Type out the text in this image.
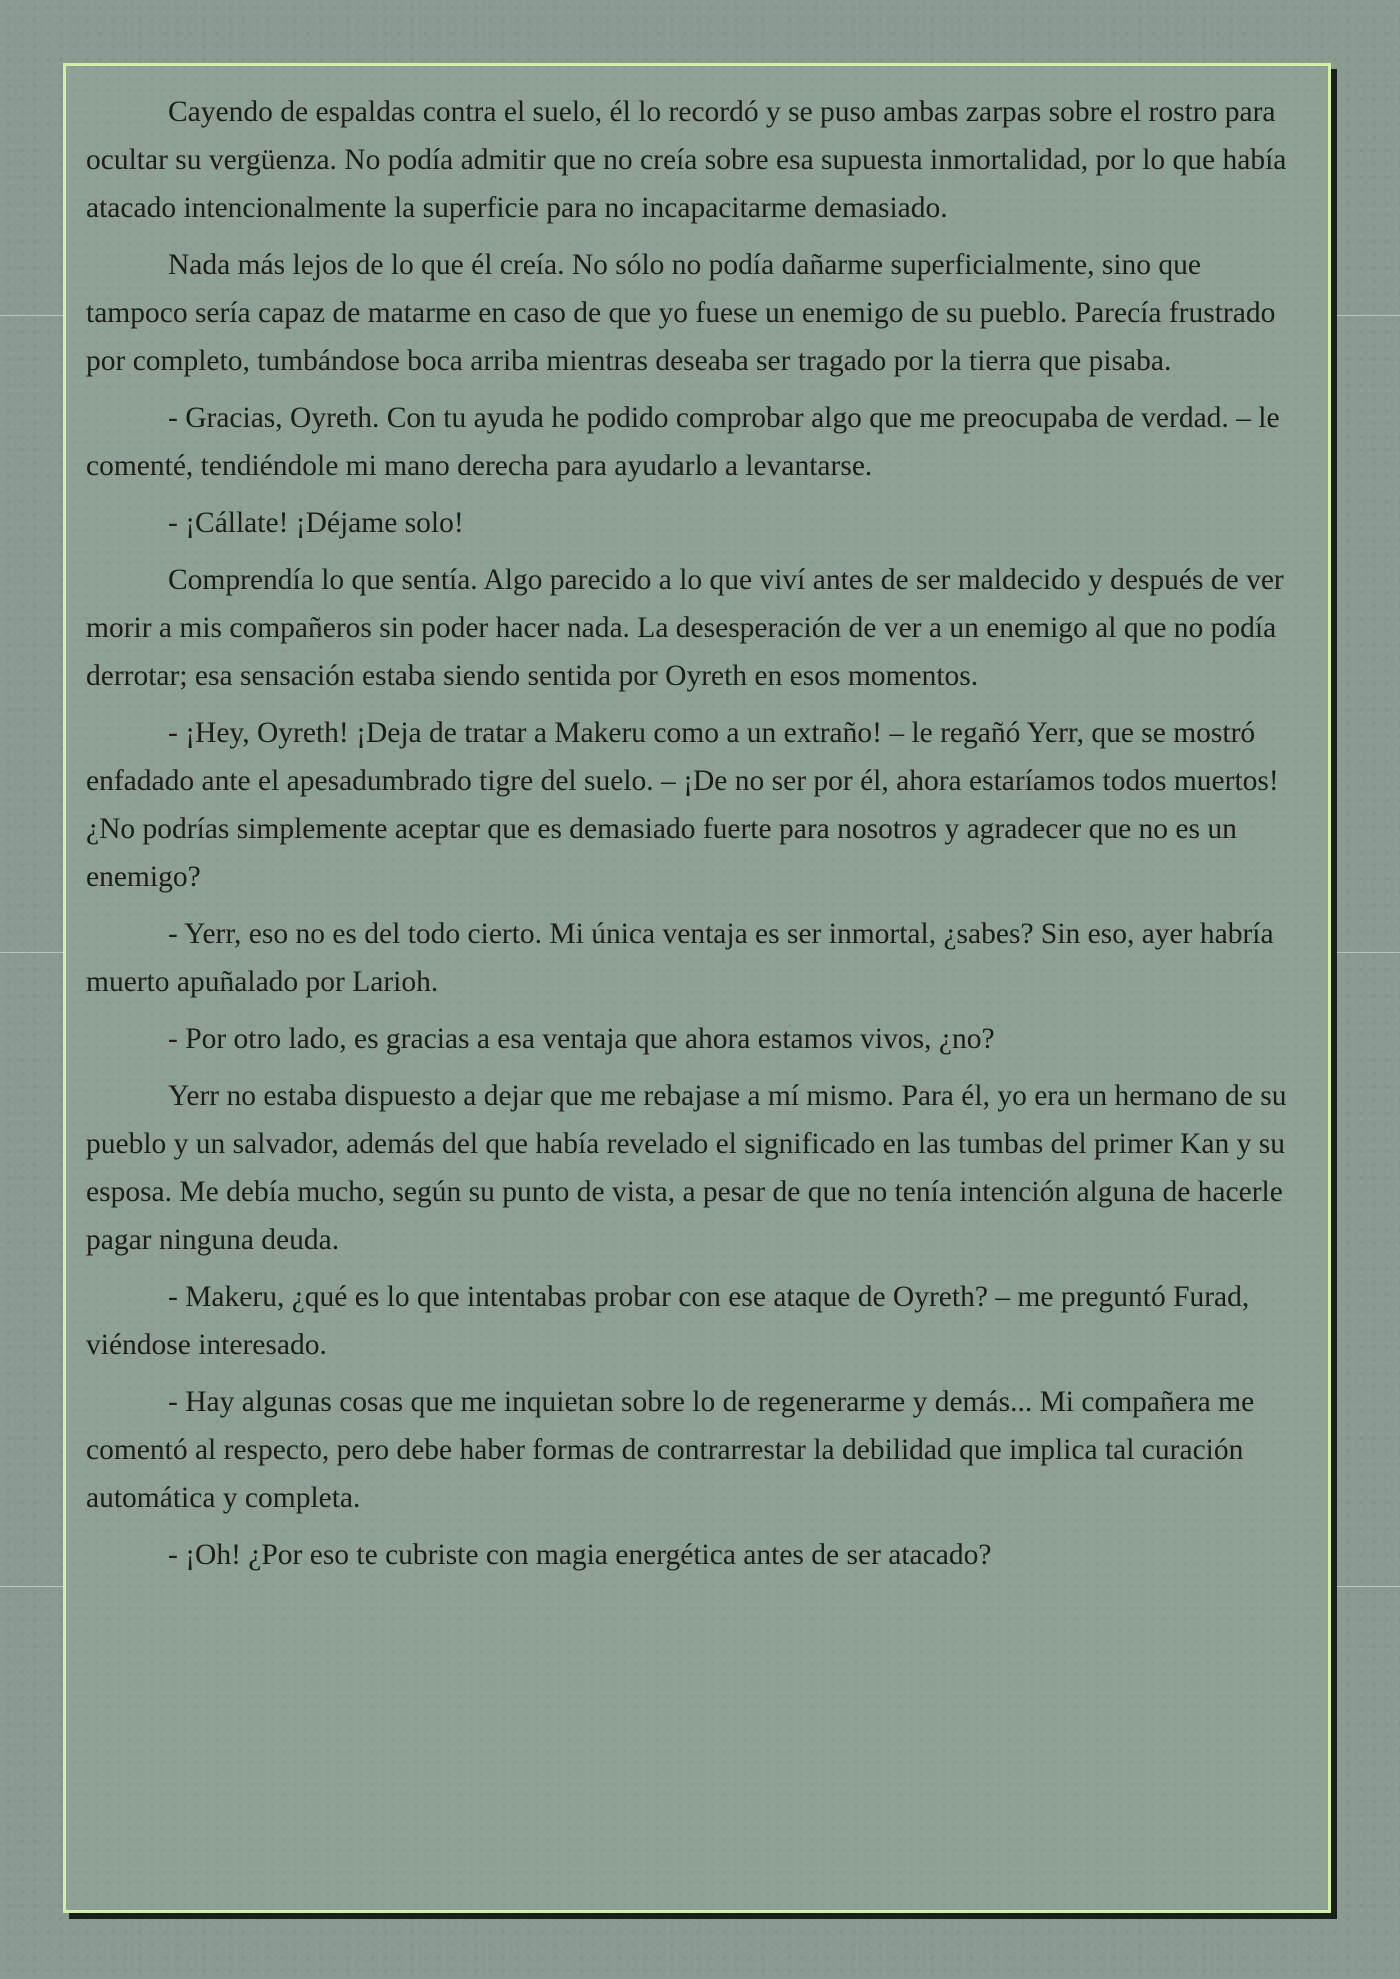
Cayendo de espaldas contra el suelo, él lo recordó y se puso ambas zarpas sobre el rostro para ocultar su vergüenza. No podía admitir que no creía sobre esa supuesta inmortalidad, por lo que había atacado intencionalmente la superficie para no incapacitarme demasiado.

Nada más lejos de lo que él creía. No sólo no podía dañarme superficialmente, sino que tampoco sería capaz de matarme en caso de que yo fuese un enemigo de su pueblo. Parecía frustrado por completo, tumbándose boca arriba mientras deseaba ser tragado por la tierra que pisaba.

- Gracias, Oyreth. Con tu ayuda he podido comprobar algo que me preocupaba de verdad. – le comenté, tendiéndole mi mano derecha para ayudarlo a levantarse.

- ¡Cállate! ¡Déjame solo!

Comprendía lo que sentía. Algo parecido a lo que viví antes de ser maldecido y después de ver morir a mis compañeros sin poder hacer nada. La desesperación de ver a un enemigo al que no podía derrotar; esa sensación estaba siendo sentida por Oyreth en esos momentos.

- ¡Hey, Oyreth! ¡Deja de tratar a Makeru como a un extraño! – le regañó Yerr, que se mostró enfadado ante el apesadumbrado tigre del suelo. – ¡De no ser por él, ahora estaríamos todos muertos! ¿No podrías simplemente aceptar que es demasiado fuerte para nosotros y agradecer que no es un enemigo?

- Yerr, eso no es del todo cierto. Mi única ventaja es ser inmortal, ¿sabes? Sin eso, ayer habría muerto apuñalado por Larioh.

- Por otro lado, es gracias a esa ventaja que ahora estamos vivos, ¿no?

Yerr no estaba dispuesto a dejar que me rebajase a mí mismo. Para él, yo era un hermano de su pueblo y un salvador, además del que había revelado el significado en las tumbas del primer Kan y su esposa. Me debía mucho, según su punto de vista, a pesar de que no tenía intención alguna de hacerle pagar ninguna deuda.

- Makeru, ¿qué es lo que intentabas probar con ese ataque de Oyreth? – me preguntó Furad, viéndose interesado.

- Hay algunas cosas que me inquietan sobre lo de regenerarme y demás... Mi compañera me comentó al respecto, pero debe haber formas de contrarrestar la debilidad que implica tal curación automática y completa.

- ¡Oh! ¿Por eso te cubriste con magia energética antes de ser atacado?
